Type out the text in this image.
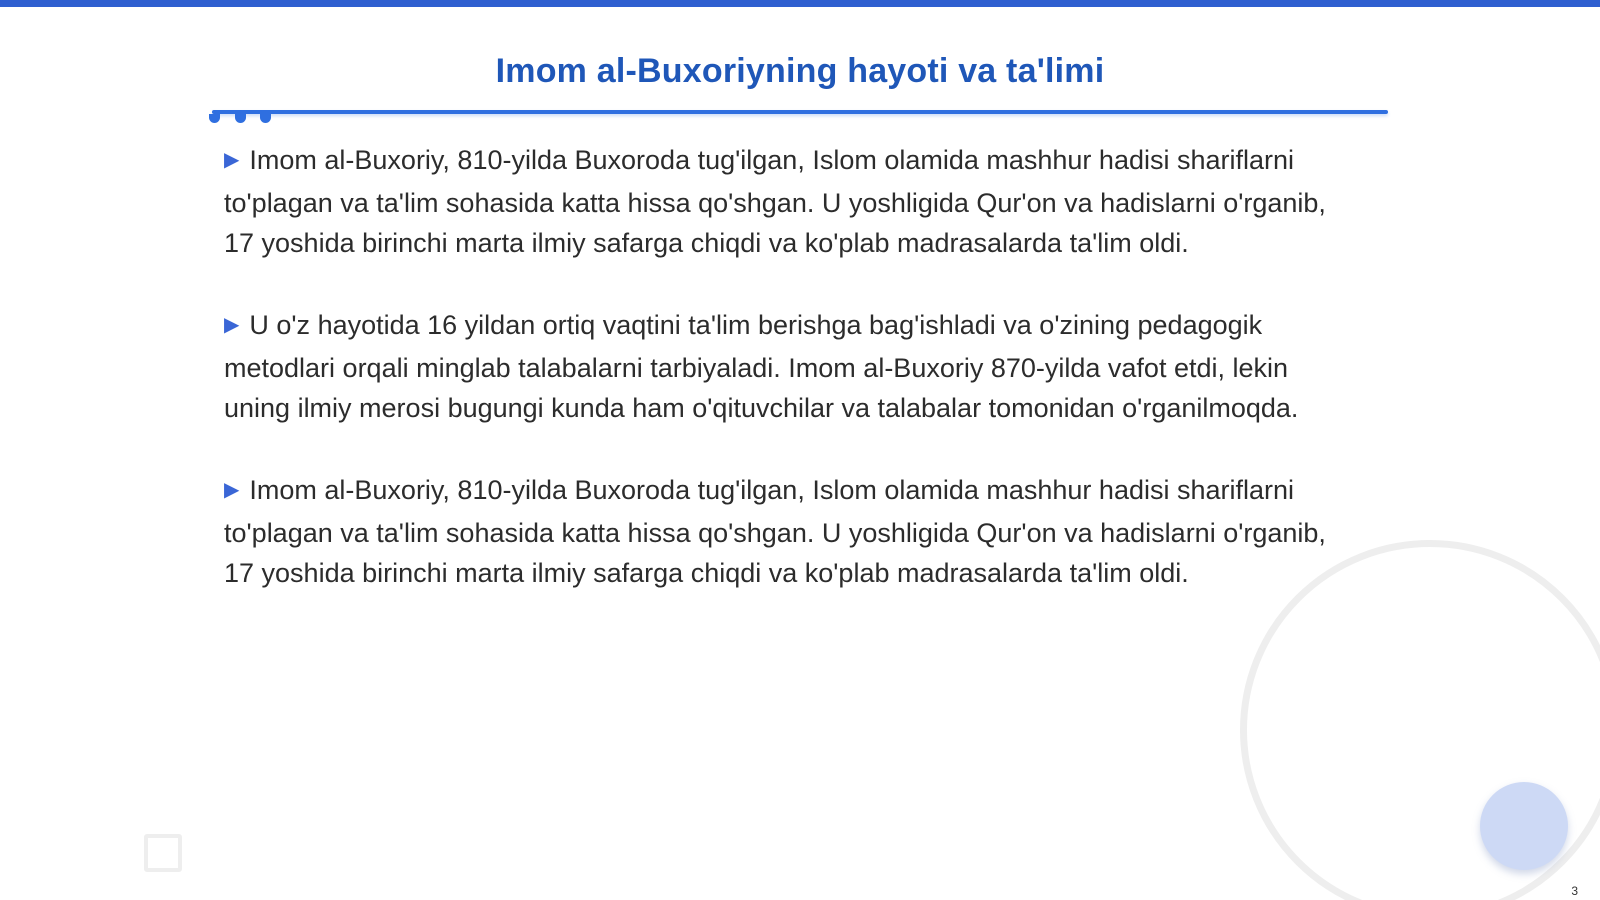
Imom al-Buxoriyning hayoti va ta'limi

▶ Imom al-Buxoriy, 810-yilda Buxoroda tug'ilgan, Islom olamida mashhur hadisi shariflarni to'plagan va ta'lim sohasida katta hissa qo'shgan. U yoshligida Qur'on va hadislarni o'rganib, 17 yoshida birinchi marta ilmiy safarga chiqdi va ko'plab madrasalarda ta'lim oldi.

▶ U o'z hayotida 16 yildan ortiq vaqtini ta'lim berishga bag'ishladi va o'zining pedagogik metodlari orqali minglab talabalarni tarbiyaladi. Imom al-Buxoriy 870-yilda vafot etdi, lekin uning ilmiy merosi bugungi kunda ham o'qituvchilar va talabalar tomonidan o'rganilmoqda.

▶ Imom al-Buxoriy, 810-yilda Buxoroda tug'ilgan, Islom olamida mashhur hadisi shariflarni to'plagan va ta'lim sohasida katta hissa qo'shgan. U yoshligida Qur'on va hadislarni o'rganib, 17 yoshida birinchi marta ilmiy safarga chiqdi va ko'plab madrasalarda ta'lim oldi.

3
